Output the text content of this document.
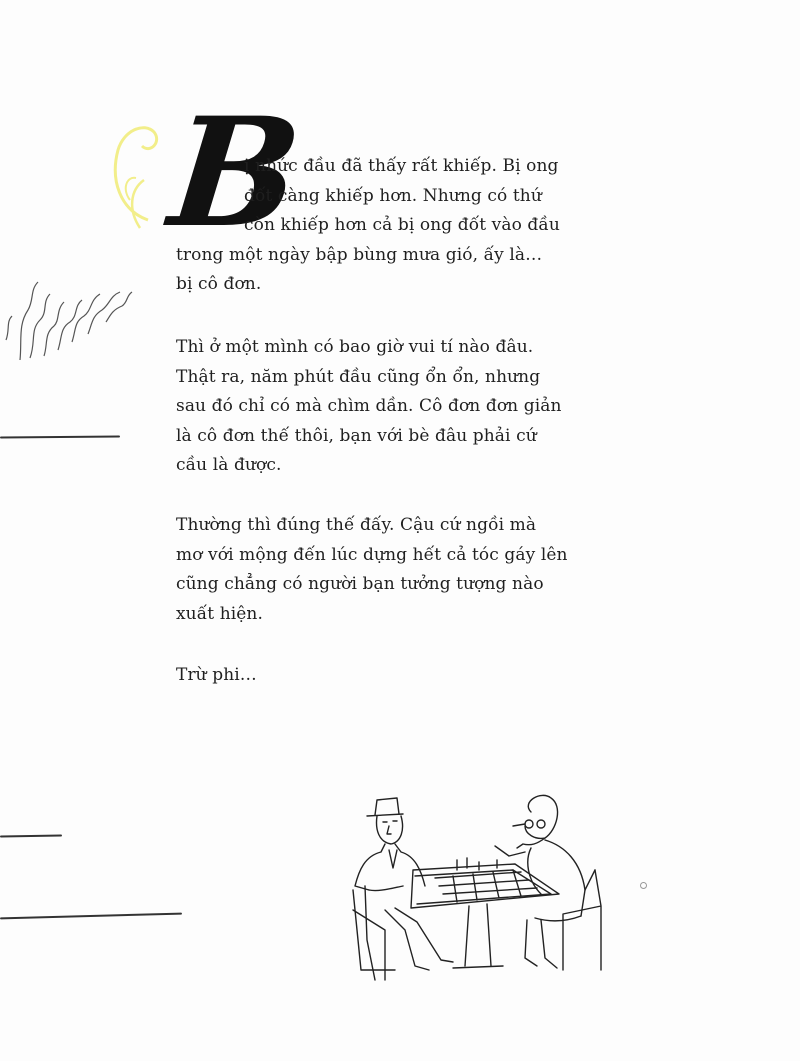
B

ị nhức đầu đã thấy rất khiếp. Bị ong
đốt càng khiếp hơn. Nhưng có thứ
còn khiếp hơn cả bị ong đốt vào đầu
trong một ngày bập bùng mưa gió, ấy là…
bị cô đơn.

Thì ở một mình có bao giờ vui tí nào đâu.
Thật ra, năm phút đầu cũng ổn ổn, nhưng
sau đó chỉ có mà chìm dần. Cô đơn đơn giản
là cô đơn thế thôi, bạn với bè đâu phải cứ
cầu là được.

Thường thì đúng thế đấy. Cậu cứ ngồi mà
mơ với mộng đến lúc dựng hết cả tóc gáy lên
cũng chẳng có người bạn tưởng tượng nào
xuất hiện.

Trừ phi…
